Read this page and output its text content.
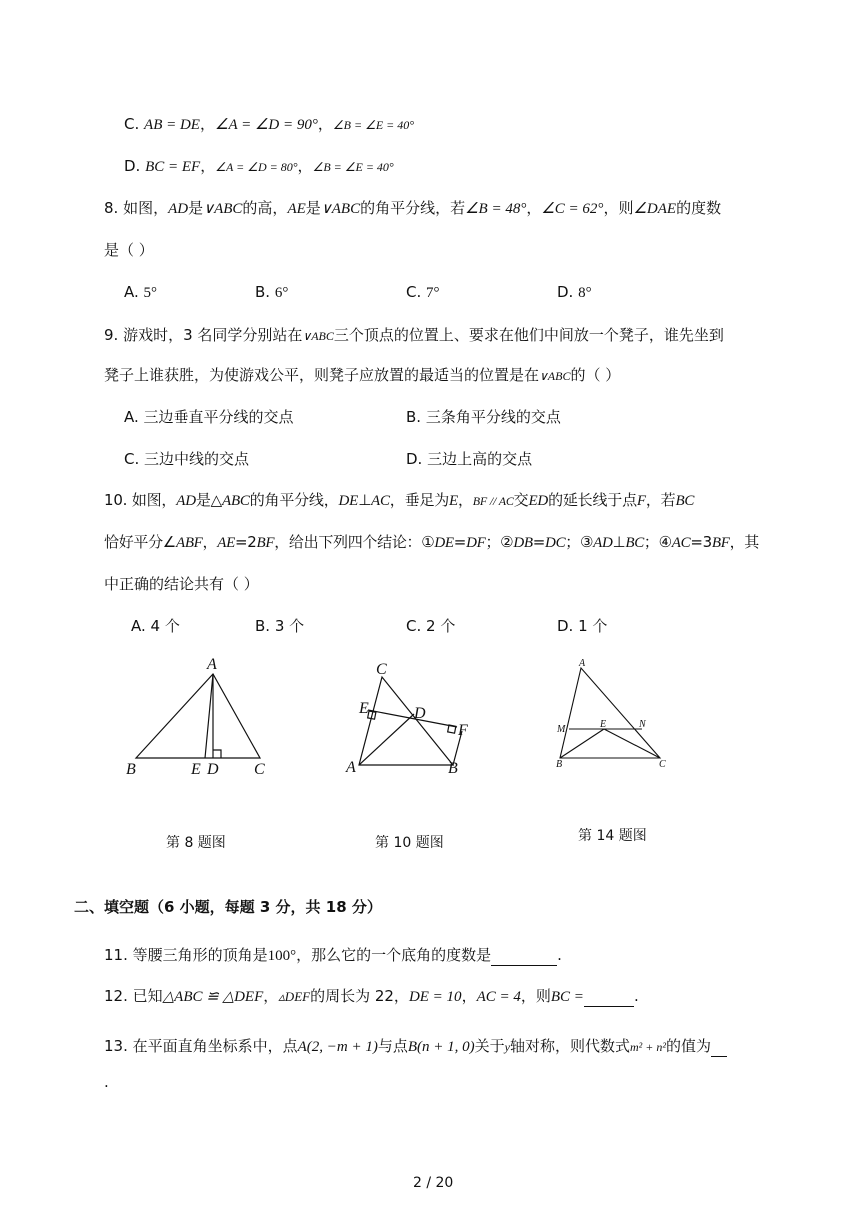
C. AB = DE，∠A = ∠D = 90°，∠B = ∠E = 40°
D. BC = EF，∠A = ∠D = 80°，∠B = ∠E = 40°
8. 如图，AD是∨ABC的高，AE是∨ABC的角平分线，若∠B = 48°，∠C = 62°，则∠DAE的度数
是（ ）
A. 5°	B. 6°	C. 7°	D. 8°
9. 游戏时，3 名同学分别站在∨ABC三个顶点的位置上、要求在他们中间放一个凳子，谁先坐到
凳子上谁获胜，为使游戏公平，则凳子应放置的最适当的位置是在∨ABC的（ ）
A. 三边垂直平分线的交点	B. 三条角平分线的交点
C. 三边中线的交点	D. 三边上高的交点
10. 如图，AD是△ABC的角平分线，DE⊥AC，垂足为E，BF // AC交ED的延长线于点F，若BC
恰好平分∠ABF，AE=2BF，给出下列四个结论：①DE=DF；②DB=DC；③AD⊥BC；④AC=3BF，其
中正确的结论共有（ ）
A. 4 个	B. 3 个	C. 2 个	D. 1 个
A
B	E D C
第 8 题图
C
E	D
F
A	B
第 10 题图
A
M	E	N
B	C
第 14 题图
二、填空题（6 小题，每题 3 分，共 18 分）
11. 等腰三角形的顶角是100°，那么它的一个底角的度数是	.
12. 已知△ABC ≌ △DEF，▵DEF的周长为 22，DE = 10，AC = 4，则BC =	.
13. 在平面直角坐标系中，点A(2, −m + 1)与点B(n + 1, 0)关于y轴对称，则代数式m² + n²的值为
.
2 / 20
